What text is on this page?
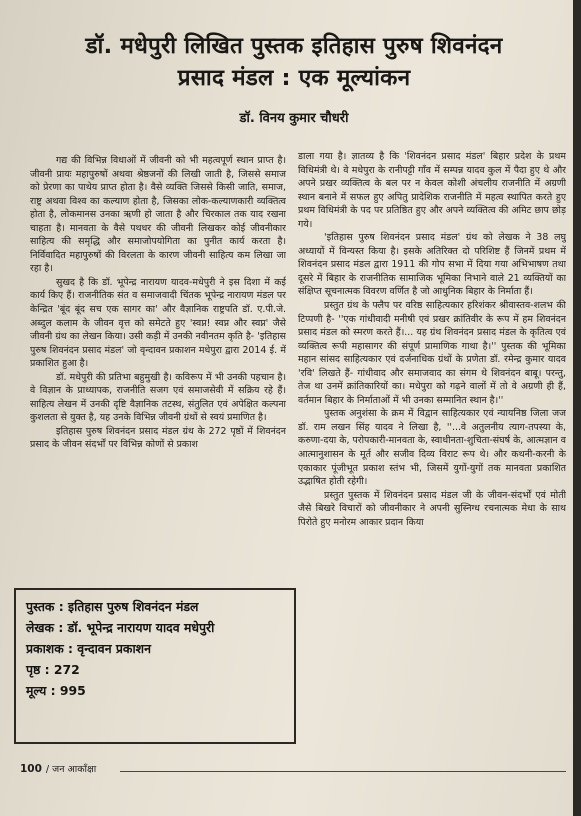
डॉ. मधेपुरी लिखित पुस्तक इतिहास पुरुष शिवनंदन
प्रसाद मंडल : एक मूल्यांकन
डॉ. विनय कुमार चौधरी

गद्य की विभिन्न विधाओं में जीवनी को भी महत्वपूर्ण स्थान प्राप्त है। जीवनी प्रायः महापुरुषों अथवा श्रेष्ठजनों की लिखी जाती है, जिससे समाज को प्रेरणा का पाथेय प्राप्त होता है। वैसे व्यक्ति जिससे किसी जाति, समाज, राष्ट्र अथवा विश्व का कल्याण होता है, जिसका लोक-कल्याणकारी व्यक्तित्व होता है, लोकमानस उनका ऋणी हो जाता है और चिरकाल तक याद रखना चाहता है। मानवता के वैसे पथधर की जीवनी लिखकर कोई जीवनीकार साहित्य की समृद्धि और समाजोपयोगिता का पुनीत कार्य करता है। निर्विवादित महापुरुषों की विरलता के कारण जीवनी साहित्य कम लिखा जा रहा है।

सुखद है कि डॉ. भूपेन्द्र नारायण यादव-मधेपुरी ने इस दिशा में कई कार्य किए हैं। राजनीतिक संत व समाजवादी चिंतक भूपेन्द्र नारायण मंडल पर केन्द्रित 'बूंद बूंद सच एक सागर का' और वैज्ञानिक राष्ट्रपति डॉ. ए.पी.जे. अब्दुल कलाम के जीवन वृत्त को समेटते हुए 'स्वप्न! स्वप्न और स्वप्न' जैसे जीवनी ग्रंथ का लेखन किया। उसी कड़ी में उनकी नवीनतम कृति है- 'इतिहास पुरुष शिवनंदन प्रसाद मंडल' जो वृन्दावन प्रकाशन मधेपुरा द्वारा 2014 ई. में प्रकाशित हुआ है।

डॉ. मधेपुरी की प्रतिभा बहुमुखी है। कविरूप में भी उनकी पहचान है। वे विज्ञान के प्राध्यापक, राजनीति सजग एवं समाजसेवी में सक्रिय रहे हैं। साहित्य लेखन में उनकी दृष्टि वैज्ञानिक तटस्थ, संतुलित एवं अपेक्षित कल्पना कुशलता से युक्त है, यह उनके विभिन्न जीवनी ग्रंथों से स्वयं प्रमाणित है।

इतिहास पुरुष शिवनंदन प्रसाद मंडल ग्रंथ के 272 पृष्ठों में शिवनंदन प्रसाद के जीवन संदर्भों पर विभिन्न कोणों से प्रकाश

पुस्तक : इतिहास पुरुष शिवनंदन मंडल
लेखक : डॉ. भूपेन्द्र नारायण यादव मधेपुरी
प्रकाशक : वृन्दावन प्रकाशन
पृष्ठ : 272
मूल्य : 995

डाला गया है। ज्ञातव्य है कि 'शिवनंदन प्रसाद मंडल' बिहार प्रदेश के प्रथम विधिमंत्री थे। वे मधेपुरा के रानीपट्टी गाँव में सम्पन्न यादव कुल में पैदा हुए थे और अपने प्रखर व्यक्तित्व के बल पर न केवल कोशी अंचलीय राजनीति में अग्रणी स्थान बनाने में सफल हुए अपितु प्रादेशिक राजनीति में महत्व स्थापित करते हुए प्रथम विधिमंत्री के पद पर प्रतिष्ठित हुए और अपने व्यक्तित्व की अमिट छाप छोड़ गये।

'इतिहास पुरुष शिवनंदन प्रसाद मंडल' ग्रंथ को लेखक ने 38 लघु अध्यायों में विन्यस्त किया है। इसके अतिरिक्त दो परिशिष्ट हैं जिनमें प्रथम में शिवनंदन प्रसाद मंडल द्वारा 1911 की गोप सभा में दिया गया अभिभाषण तथा दूसरे में बिहार के राजनीतिक सामाजिक भूमिका निभाने वाले 21 व्यक्तियों का संक्षिप्त सूचनात्मक विवरण वर्णित है जो आधुनिक बिहार के निर्माता हैं।

प्रस्तुत ग्रंथ के फ्लैप पर वरिष्ठ साहित्यकार हरिशंकर श्रीवास्तव-शलभ की टिप्पणी है- ''एक गांधीवादी मनीषी एवं प्रखर क्रांतिवीर के रूप में हम शिवनंदन प्रसाद मंडल को स्मरण करते हैं।... यह ग्रंथ शिवनंदन प्रसाद मंडल के कृतित्व एवं व्यक्तित्व रूपी महासागर की संपूर्ण प्रामाणिक गाथा है।'' पुस्तक की भूमिका महान सांसद साहित्यकार एवं दर्जनाधिक ग्रंथों के प्रणेता डॉ. रमेन्द्र कुमार यादव 'रवि' लिखते हैं- गांधीवाद और समाजवाद का संगम थे शिवनंदन बाबू। परन्तु, तेज था उनमें क्रांतिकारियों का। मधेपुरा को गढ़ने वालों में तो वे अग्रणी ही हैं, वर्तमान बिहार के निर्माताओं में भी उनका सम्मानित स्थान है।''

पुस्तक अनुशंसा के क्रम में विद्वान साहित्यकार एवं न्यायनिष्ठ जिला जज डॉ. राम लखन सिंह यादव ने लिखा है, ''...वे अतुलनीय त्याग-तपस्या के, करुणा-दया के, परोपकारी-मानवता के, स्वाधीनता-शुचिता-संघर्ष के, आत्मज्ञान व आत्मानुशासन के मूर्त और सजीव दिव्य विराट रूप थे। और कथनी-करनी के एकाकार पूंजीभूत प्रकाश स्तंभ भी, जिसमें युगों-युगों तक मानवता प्रकाशित उद्भाषित होती रहेगी।

प्रस्तुत पुस्तक में शिवनंदन प्रसाद मंडल जी के जीवन-संदर्भों एवं मोती जैसे बिखरे विचारों को जीवनीकार ने अपनी सुस्निग्ध रचनात्मक मेधा के साथ पिरोते हुए मनोरम आकार प्रदान किया

100 / जन आकाँक्षा
